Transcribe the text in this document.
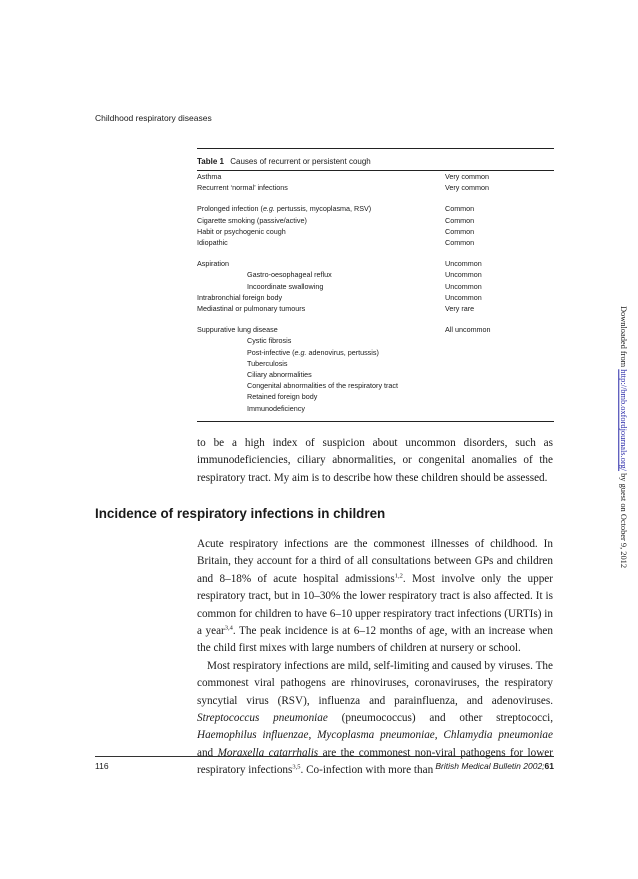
Childhood respiratory diseases
Table 1 Causes of recurrent or persistent cough
Asthma	Very common
Recurrent ‘normal’ infections	Very common

Prolonged infection (e.g. pertussis, mycoplasma, RSV)	Common
Cigarette smoking (passive/active)	Common
Habit or psychogenic cough	Common
Idiopathic	Common

Aspiration	Uncommon
Gastro-oesophageal reflux	Uncommon
Incoordinate swallowing	Uncommon
Intrabronchial foreign body	Uncommon
Mediastinal or pulmonary tumours	Very rare

Suppurative lung disease	All uncommon
Cystic fibrosis	
Post-infective (e.g. adenovirus, pertussis)	
Tuberculosis	
Ciliary abnormalities	
Congenital abnormalities of the respiratory tract	
Retained foreign body	
Immunodeficiency	

to be a high index of suspicion about uncommon disorders, such as immunodeficiencies, ciliary abnormalities, or congenital anomalies of the respiratory tract. My aim is to describe how these children should be assessed.

Incidence of respiratory infections in children

Acute respiratory infections are the commonest illnesses of childhood. In Britain, they account for a third of all consultations between GPs and children and 8–18% of acute hospital admissions$^{1,2}$. Most involve only the upper respiratory tract, but in 10–30% the lower respiratory tract is also affected. It is common for children to have 6–10 upper respiratory tract infections (URTIs) in a year$^{3,4}$. The peak incidence is at 6–12 months of age, with an increase when the child first mixes with large numbers of children at nursery or school.

Most respiratory infections are mild, self-limiting and caused by viruses. The commonest viral pathogens are rhinoviruses, coronaviruses, the respiratory syncytial virus (RSV), influenza and parainfluenza, and adenoviruses. Streptococcus pneumoniae (pneumococcus) and other streptococci, Haemophilus influenzae, Mycoplasma pneumoniae, Chlamydia pneumoniae and Moraxella catarrhalis are the commonest non-viral pathogens for lower respiratory infections$^{3,5}$. Co-infection with more than

116	British Medical Bulletin 2002;61
Downloaded from http://bmb.oxfordjournals.org/ by guest on October 9, 2012
